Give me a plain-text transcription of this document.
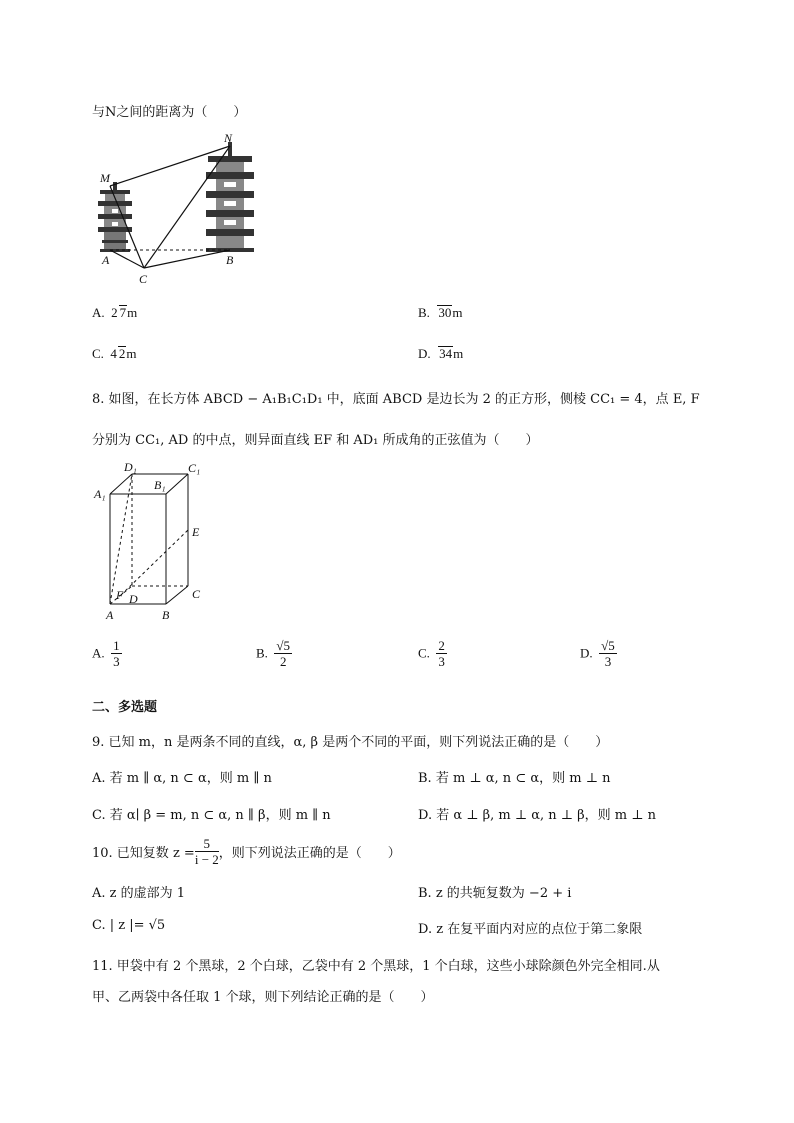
与N之间的距离为（　　）
M
N
A	B
C
A. 2 7m	B. 30m
C. 4 2m	D. 34m
8. 如图，在长方体 ABCD − A₁B₁C₁D₁ 中，底面 ABCD 是边长为 2 的正方形，侧棱 CC₁ = 4，点 E, F
分别为 CC₁, AD 的中点，则异面直线 EF 和 AD₁ 所成角的正弦值为（　　）
D₁	C₁
A₁
B₁
E
F D
A	B
C
A. $\frac{1}{3}$	B. $\frac{√5}{2}$	C. $\frac{2}{3}$	D. $\frac{√5}{3}$
二、多选题
9. 已知 m，n 是两条不同的直线，α, β 是两个不同的平面，则下列说法正确的是（　　）
A. 若 m ∥ α, n ⊂ α，则 m ∥ n	B. 若 m ⊥ α, n ⊂ α，则 m ⊥ n
C. 若 α∣ β = m, n ⊂ α, n ∥ β，则 m ∥ n	D. 若 α ⊥ β, m ⊥ α, n ⊥ β，则 m ⊥ n
10. 已知复数 $z = \frac{5}{i - 2}$ ，则下列说法正确的是（　　）
A. z 的虚部为 1	B. z 的共轭复数为 −2 + i
C. | z |= √5	D. z 在复平面内对应的点位于第二象限
11. 甲袋中有 2 个黑球，2 个白球，乙袋中有 2 个黑球，1 个白球，这些小球除颜色外完全相同.从
甲、乙两袋中各任取 1 个球，则下列结论正确的是（　　）
